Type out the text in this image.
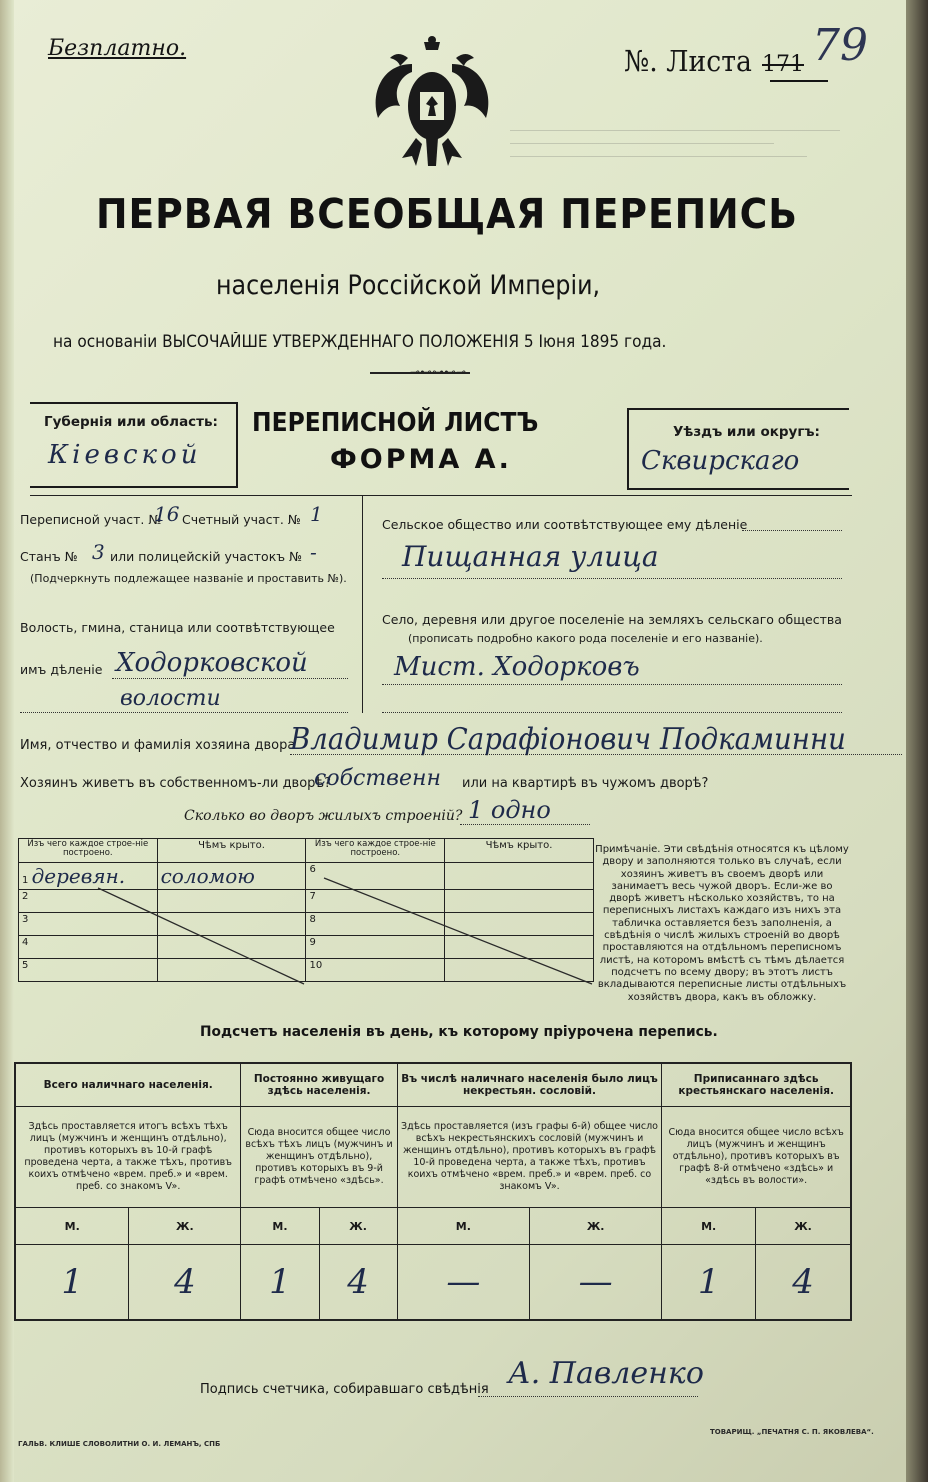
Безплатно.	№. Листа 171 79
ПЕРВАЯ ВСЕОБЩАЯ ПЕРЕПИСЬ
населенія Россійской Имперіи,
на основаніи ВЫСОЧАЙШЕ УТВЕРЖДЕННАГО ПОЛОЖЕНІЯ 5 Іюня 1895 года.
⊸⊷⊶⊷⊸
Губернія или область:
Кіевской
ПЕРЕПИСНОЙ ЛИСТЪ
ФОРМА А.
Уѣздъ или округъ:
Сквирскаго
Переписной участ. №
16 Счетный участ. № 1
Станъ № 3 или полицейскій участокъ № -
(Подчеркнуть подлежащее названіе и проставить №).
Волость, гмина, станица или соотвѣтствующее
имъ дѣленіе Ходорковской
волости
Сельское общество или соотвѣтствующее ему дѣленіе
Пищанная улица
Село, деревня или другое поселеніе на земляхъ сельскаго общества
(прописать подробно какого рода поселеніе и его названіе).
Мист. Ходорковъ
Имя, отчество и фамилія хозяина двора
Владимир Сарафіонович Подкаминни
Хозяинъ живетъ въ собственномъ-ли дворѣ?
собственн или на квартирѣ въ чужомъ дворѣ?
Сколько во дворъ жилыхъ строеній? 1 одно
Изъ чего каждое строе-ніе построено.	Чѣмъ крыто.	Изъ чего каждое строе-ніе построено.	Чѣмъ крыто.
1 деревян.	соломою	6	
2		7	
3		8	
4		9	
5		10	
Примѣчаніе. Эти свѣдѣнія относятся къ цѣлому двору и заполняются только въ случаѣ, если хозяинъ живетъ въ своемъ дворѣ или занимаетъ весь чужой дворъ. Если-же во дворѣ живетъ нѣсколько хозяйствъ, то на переписныхъ листахъ каждаго изъ нихъ эта табличка оставляется безъ заполненія, а свѣдѣнія о числѣ жилыхъ строеній во дворѣ проставляются на отдѣльномъ переписномъ листѣ, на которомъ вмѣстѣ съ тѣмъ дѣлается подсчетъ по всему двору; въ этотъ листъ вкладываются переписные листы отдѣльныхъ хозяйствъ двора, какъ въ обложку.
Подсчетъ населенія въ день, къ которому пріурочена перепись.
Всего наличнаго населенія.		Постоянно живущаго здѣсь населенія.		Въ числѣ наличнаго населенія было лицъ некрестьян. сословій.		Приписаннаго здѣсь крестьянскаго населенія.	
Здѣсь проставляется итогъ всѣхъ тѣхъ лицъ (мужчинъ и женщинъ отдѣльно), противъ которыхъ въ 10-й графѣ проведена черта, а также тѣхъ, противъ коихъ отмѣчено «врем. преб.» и «врем. преб. со знакомъ V».		Сюда вносится общее число всѣхъ тѣхъ лицъ (мужчинъ и женщинъ отдѣльно), противъ которыхъ въ 9-й графѣ отмѣчено «здѣсь».		Здѣсь проставляется (изъ графы 6-й) общее число всѣхъ некрестьянскихъ сословій (мужчинъ и женщинъ отдѣльно), противъ которыхъ въ графѣ 10-й проведена черта, а также тѣхъ, противъ коихъ отмѣчено «врем. преб.» и «врем. преб. со знакомъ V».		Сюда вносится общее число всѣхъ лицъ (мужчинъ и женщинъ отдѣльно), противъ которыхъ въ графѣ 8-й отмѣчено «здѣсь» и «здѣсь въ волости».	
М.	Ж.	М.	Ж.	М.	Ж.	М.	Ж.
1	4	1	4	—	—	1	4
Подпись счетчика, собиравшаго свѣдѣнія А. Павленко
ГАЛЬВ. КЛИШЕ СЛОВОЛИТНИ О. И. ЛЕМАНЪ, СПБ
ТОВАРИЩ. „ПЕЧАТНЯ С. П. ЯКОВЛЕВА“.
